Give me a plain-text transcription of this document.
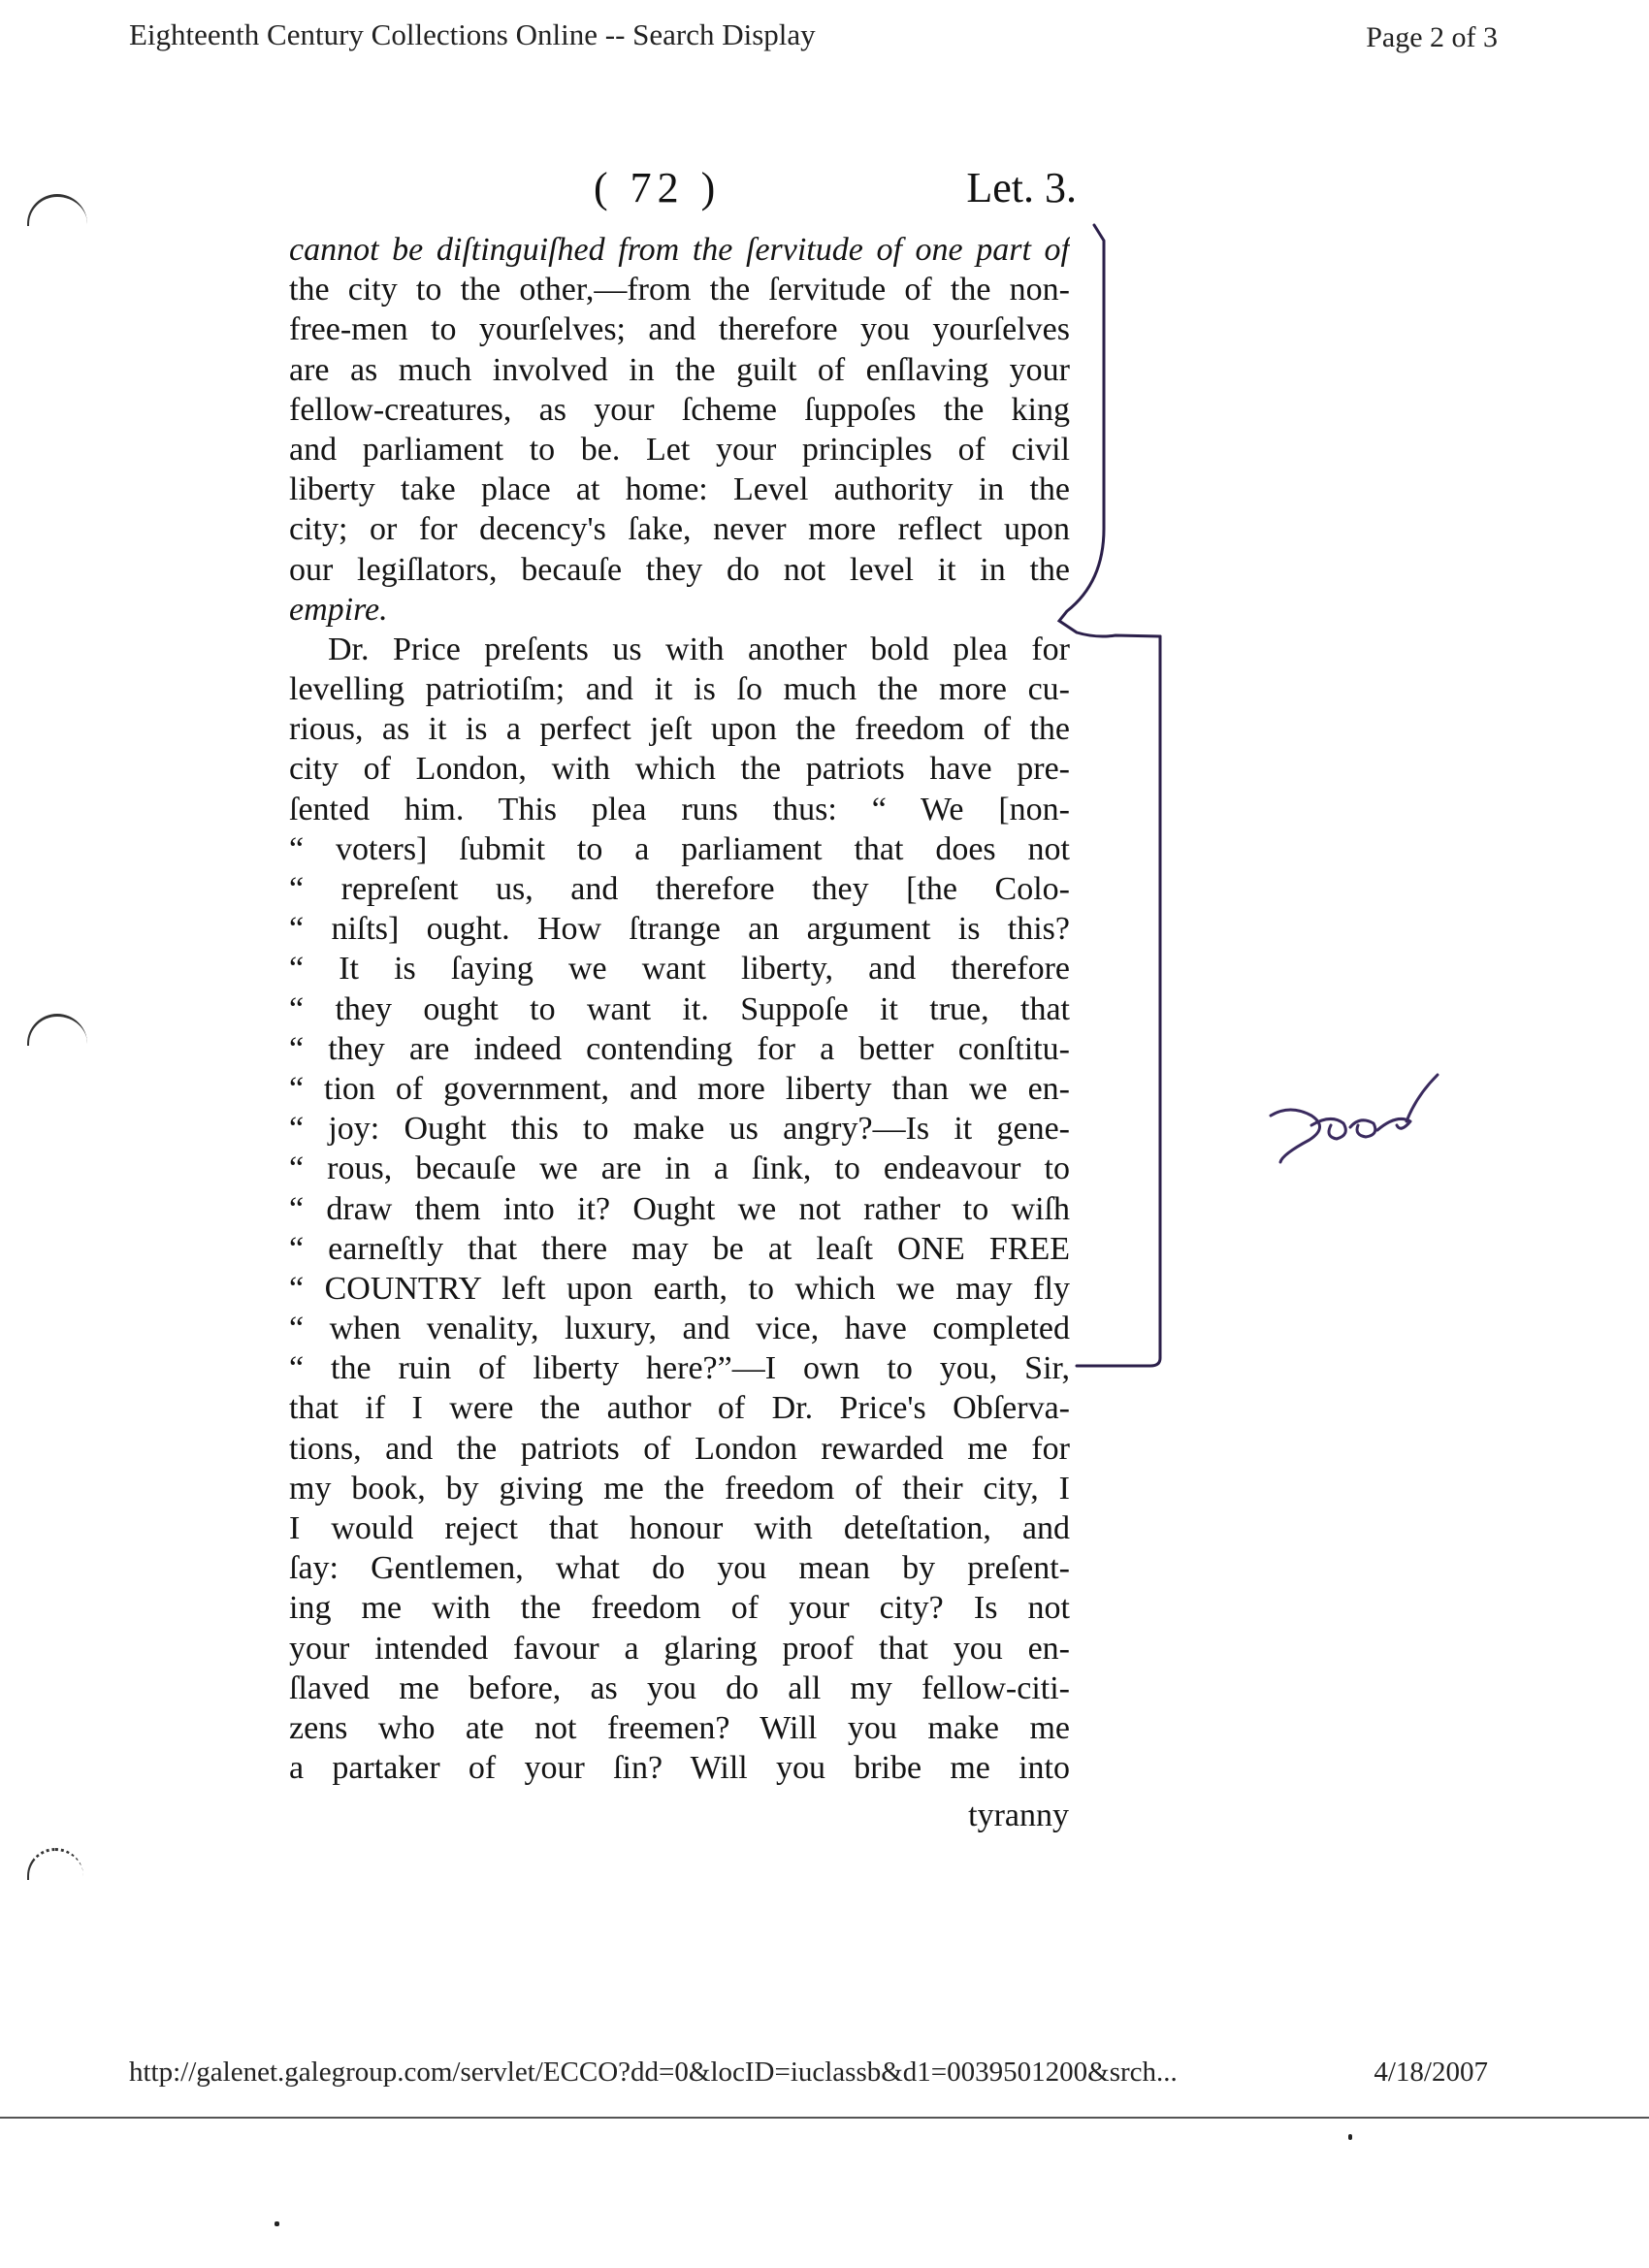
Eighteenth Century Collections Online -- Search Display	Page 2 of 3
( 72 )	Let. 3.
cannot be diſtinguiſhed from the ſervitude of one part of
the city to the other,—from the ſervitude of the non-
free-men to yourſelves; and therefore you yourſelves
are as much involved in the guilt of enſlaving your
fellow-creatures, as your ſcheme ſuppoſes the king
and parliament to be. Let your principles of civil
liberty take place at home: Level authority in the
city; or for decency's ſake, never more reflect upon
our legiſlators, becauſe they do not level it in the
empire.
Dr. Price preſents us with another bold plea for
levelling patriotiſm; and it is ſo much the more cu-
rious, as it is a perfect jeſt upon the freedom of the
city of London, with which the patriots have pre-
ſented him. This plea runs thus: “ We [non-
“ voters] ſubmit to a parliament that does not
“ repreſent us, and therefore they [the Colo-
“ niſts] ought. How ſtrange an argument is this?
“ It is ſaying we want liberty, and therefore
“ they ought to want it. Suppoſe it true, that
“ they are indeed contending for a better conſtitu-
“ tion of government, and more liberty than we en-
“ joy: Ought this to make us angry?—Is it gene-
“ rous, becauſe we are in a ſink, to endeavour to
“ draw them into it? Ought we not rather to wiſh
“ earneſtly that there may be at leaſt ONE FREE
“ COUNTRY left upon earth, to which we may fly
“ when venality, luxury, and vice, have completed
“ the ruin of liberty here?”—I own to you, Sir,
that if I were the author of Dr. Price's Obſerva-
tions, and the patriots of London rewarded me for
my book, by giving me the freedom of their city, I
I would reject that honour with deteſtation, and
ſay: Gentlemen, what do you mean by preſent-
ing me with the freedom of your city? Is not
your intended favour a glaring proof that you en-
ſlaved me before, as you do all my fellow-citi-
zens who ate not freemen? Will you make me
a partaker of your ſin? Will you bribe me into
tyranny
http://galenet.galegroup.com/servlet/ECCO?dd=0&locID=iuclassb&d1=0039501200&srch...	4/18/2007
